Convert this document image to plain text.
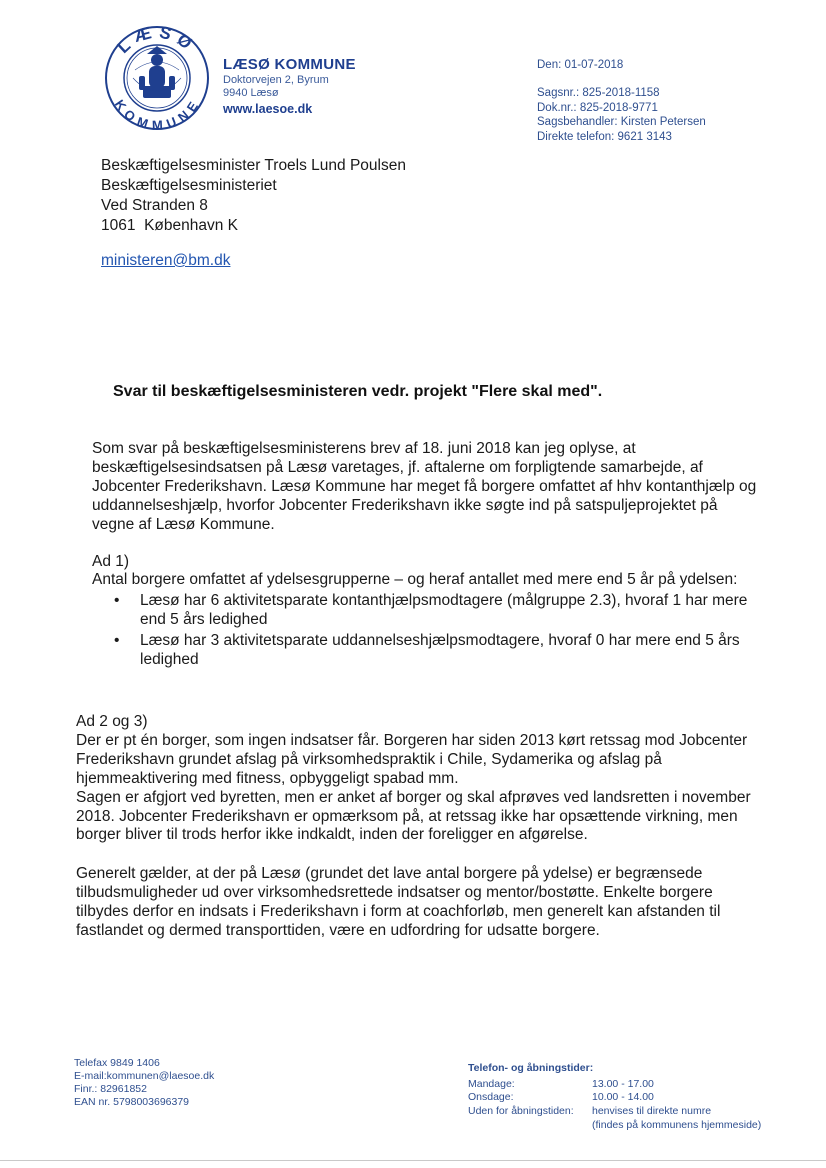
LÆSØ
KOMMUNE
LÆSØ KOMMUNE
Doktorvejen 2, Byrum
9940 Læsø
www.laesoe.dk
Den: 01-07-2018
Sagsnr.: 825-2018-1158
Dok.nr.: 825-2018-9771
Sagsbehandler: Kirsten Petersen
Direkte telefon: 9621 3143
Beskæftigelsesminister Troels Lund Poulsen
Beskæftigelsesministeriet
Ved Stranden 8
1061  København K
ministeren@bm.dk
Svar til beskæftigelsesministeren vedr. projekt "Flere skal med".

Som svar på beskæftigelsesministerens brev af 18. juni 2018 kan jeg oplyse, at beskæftigelsesindsatsen på Læsø varetages, jf. aftalerne om forpligtende samarbejde, af Jobcenter Frederikshavn. Læsø Kommune har meget få borgere omfattet af hhv kontanthjælp og uddannelseshjælp, hvorfor Jobcenter Frederikshavn ikke søgte ind på satspuljeprojektet på vegne af Læsø Kommune.

Ad 1)

Antal borgere omfattet af ydelsesgrupperne – og heraf antallet med mere end 5 år på ydelsen:

• Læsø har 6 aktivitetsparate kontanthjælpsmodtagere (målgruppe 2.3), hvoraf 1 har mere end 5 års ledighed
• Læsø har 3 aktivitetsparate uddannelseshjælpsmodtagere, hvoraf 0 har mere end 5 års ledighed

Ad 2 og 3)

Der er pt én borger, som ingen indsatser får. Borgeren har siden 2013 kørt retssag mod Jobcenter Frederikshavn grundet afslag på virksomhedspraktik i Chile, Sydamerika og afslag på hjemmeaktivering med fitness, opbyggeligt spabad mm.

Sagen er afgjort ved byretten, men er anket af borger og skal afprøves ved landsretten i november 2018. Jobcenter Frederikshavn er opmærksom på, at retssag ikke har opsættende virkning, men borger bliver til trods herfor ikke indkaldt, inden der foreligger en afgørelse.

Generelt gælder, at der på Læsø (grundet det lave antal borgere på ydelse) er begrænsede tilbudsmuligheder ud over virksomhedsrettede indsatser og mentor/bostøtte. Enkelte borgere tilbydes derfor en indsats i Frederikshavn i form at coachforløb, men generelt kan afstanden til fastlandet og dermed transporttiden, være en udfordring for udsatte borgere.

Telefax 9849 1406
E-mail:kommunen@laesoe.dk
Finr.: 82961852
EAN nr. 5798003696379
Telefon- og åbningstider:
Mandage:	13.00 - 17.00
Onsdage:	10.00 - 14.00
Uden for åbningstiden:	henvises til direkte numre
(findes på kommunens hjemmeside)
